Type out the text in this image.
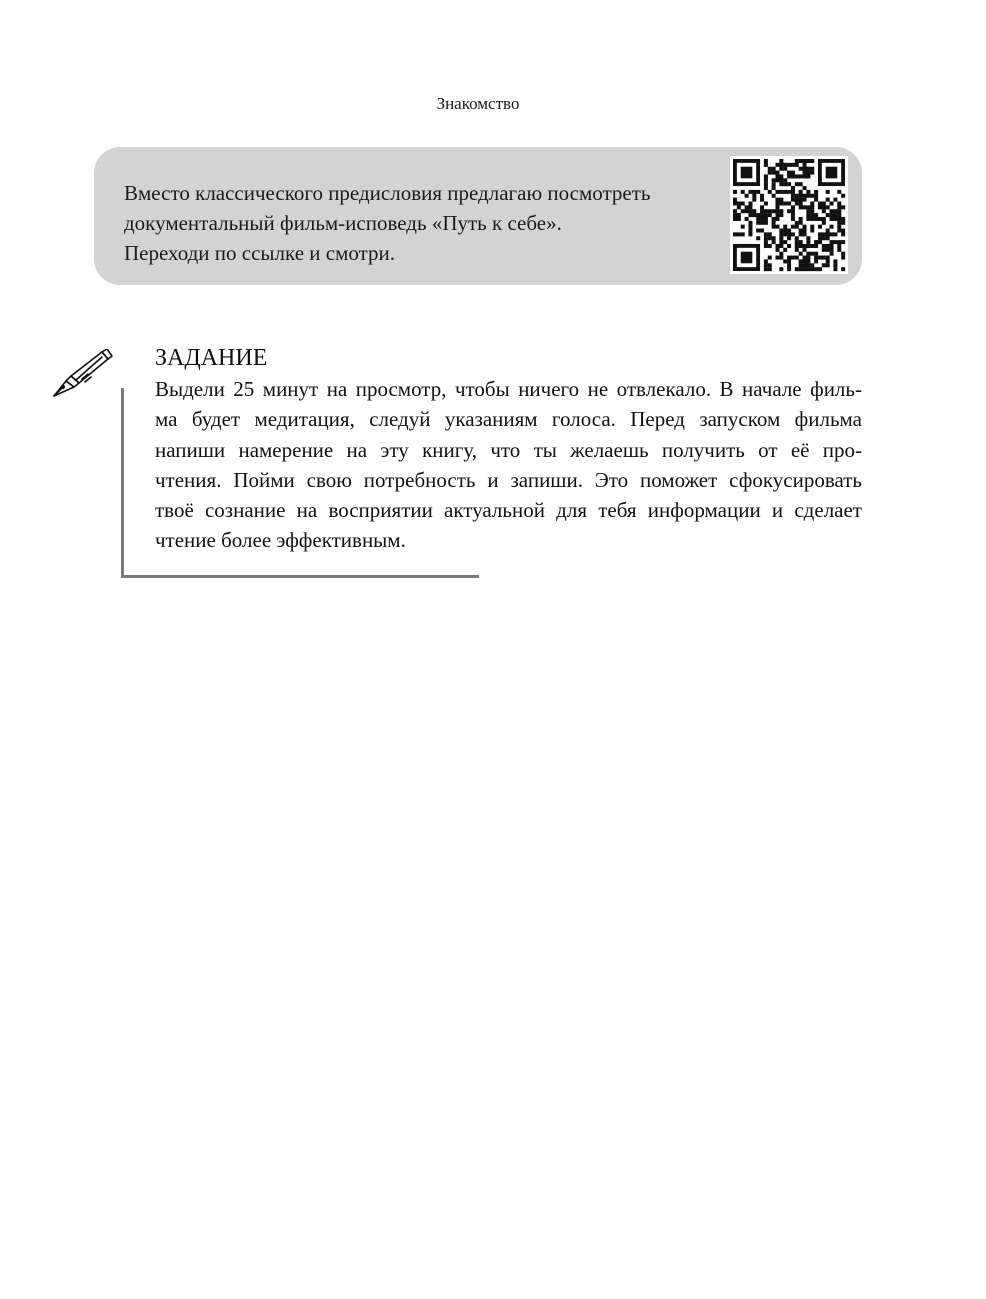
Знакомство
Вместо классического предисловия предлагаю посмотреть
документальный фильм-исповедь «Путь к себе».
Переходи по ссылке и смотри.
ЗАДАНИЕ
Выдели 25 минут на просмотр, чтобы ничего не отвлекало. В начале филь-
ма будет медитация, следуй указаниям голоса. Перед запуском фильма
напиши намерение на эту книгу, что ты желаешь получить от её про-
чтения. Пойми свою потребность и запиши. Это поможет сфокусировать
твоё сознание на восприятии актуальной для тебя информации и сделает
чтение более эффективным.
